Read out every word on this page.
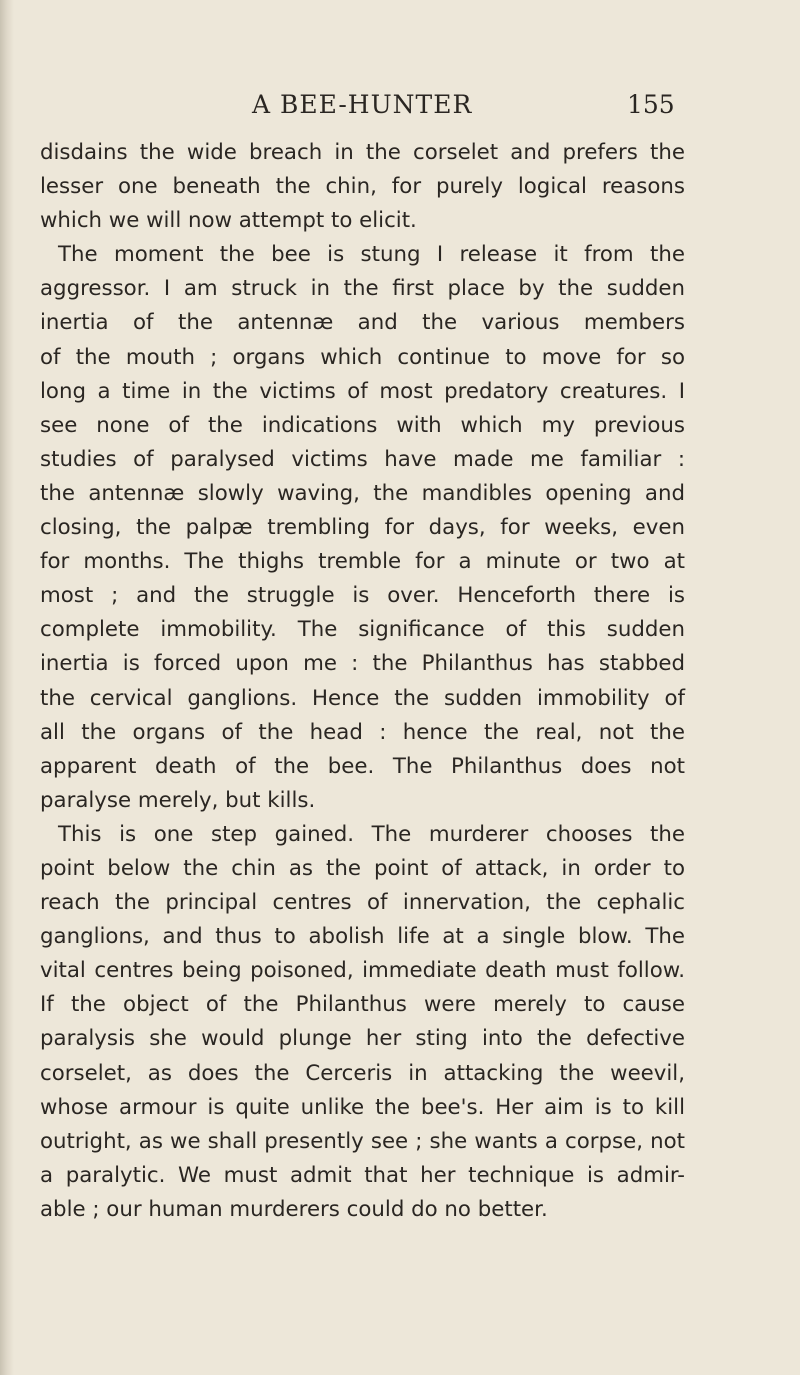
A BEE-HUNTER	155
disdains the wide breach in the corselet and prefers the
lesser one beneath the chin, for purely logical reasons
which we will now attempt to elicit.
The moment the bee is stung I release it from the
aggressor. I am struck in the first place by the sudden
inertia of the antennæ and the various members
of the mouth ; organs which continue to move for so
long a time in the victims of most predatory creatures. I
see none of the indications with which my previous
studies of paralysed victims have made me familiar :
the antennæ slowly waving, the mandibles opening and
closing, the palpæ trembling for days, for weeks, even
for months. The thighs tremble for a minute or two at
most ; and the struggle is over. Henceforth there is
complete immobility. The significance of this sudden
inertia is forced upon me : the Philanthus has stabbed
the cervical ganglions. Hence the sudden immobility of
all the organs of the head : hence the real, not the
apparent death of the bee. The Philanthus does not
paralyse merely, but kills.
This is one step gained. The murderer chooses the
point below the chin as the point of attack, in order to
reach the principal centres of innervation, the cephalic
ganglions, and thus to abolish life at a single blow. The
vital centres being poisoned, immediate death must follow.
If the object of the Philanthus were merely to cause
paralysis she would plunge her sting into the defective
corselet, as does the Cerceris in attacking the weevil,
whose armour is quite unlike the bee's. Her aim is to kill
outright, as we shall presently see ; she wants a corpse, not
a paralytic. We must admit that her technique is admir-
able ; our human murderers could do no better.
